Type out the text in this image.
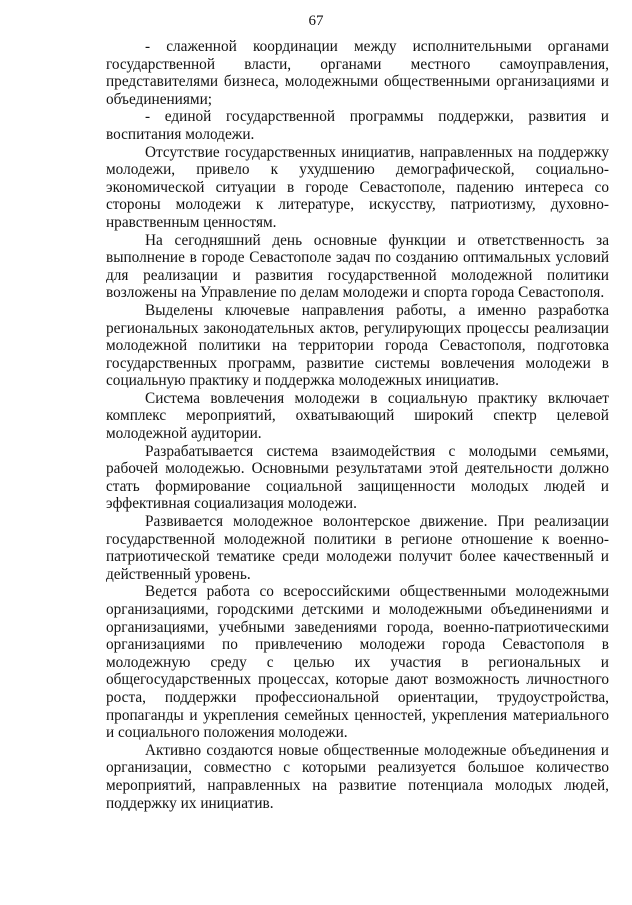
67

- слаженной координации между исполнительными органами государственной власти, органами местного самоуправления, представителями бизнеса, молодежными общественными организациями и объединениями;

- единой государственной программы поддержки, развития и воспитания молодежи.

Отсутствие государственных инициатив, направленных на поддержку молодежи, привело к ухудшению демографической, социально-экономической ситуации в городе Севастополе, падению интереса со стороны молодежи к литературе, искусству, патриотизму, духовно-нравственным ценностям.

На сегодняшний день основные функции и ответственность за выполнение в городе Севастополе задач по созданию оптимальных условий для реализации и развития государственной молодежной политики возложены на Управление по делам молодежи и спорта города Севастополя.

Выделены ключевые направления работы, а именно разработка региональных законодательных актов, регулирующих процессы реализации молодежной политики на территории города Севастополя, подготовка государственных программ, развитие системы вовлечения молодежи в социальную практику и поддержка молодежных инициатив.

Система вовлечения молодежи в социальную практику включает комплекс мероприятий, охватывающий широкий спектр целевой молодежной аудитории.

Разрабатывается система взаимодействия с молодыми семьями, рабочей молодежью. Основными результатами этой деятельности должно стать формирование социальной защищенности молодых людей и эффективная социализация молодежи.

Развивается молодежное волонтерское движение. При реализации государственной молодежной политики в регионе отношение к военно-патриотической тематике среди молодежи получит более качественный и действенный уровень.

Ведется работа со всероссийскими общественными молодежными организациями, городскими детскими и молодежными объединениями и организациями, учебными заведениями города, военно-патриотическими организациями по привлечению молодежи города Севастополя в молодежную среду с целью их участия в региональных и общегосударственных процессах, которые дают возможность личностного роста, поддержки профессиональной ориентации, трудоустройства, пропаганды и укрепления семейных ценностей, укрепления материального и социального положения молодежи.

Активно создаются новые общественные молодежные объединения и организации, совместно с которыми реализуется большое количество мероприятий, направленных на развитие потенциала молодых людей, поддержку их инициатив.
